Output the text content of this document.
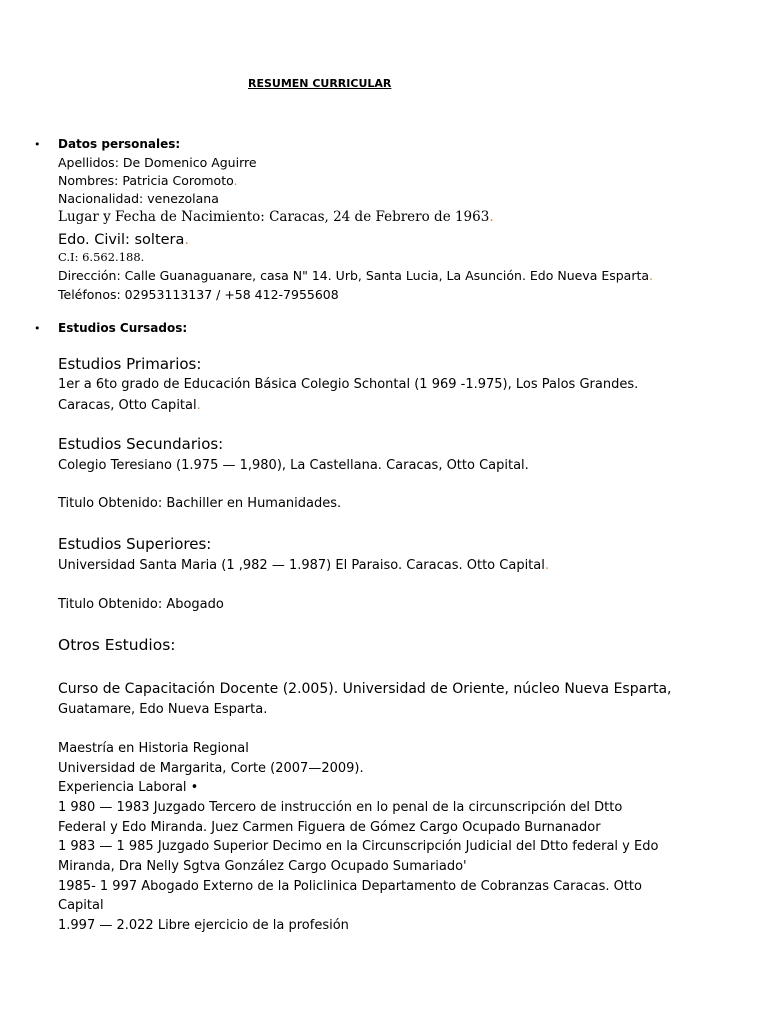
RESUMEN CURRICULAR
• Datos personales:
Apellidos: De Domenico Aguirre
Nombres: Patricia Coromoto.
Nacionalidad: venezolana
Lugar y Fecha de Nacimiento: Caracas, 24 de Febrero de 1963.
Edo. Civil: soltera.
C.I: 6.562.188.
Dirección: Calle Guanaguanare, casa N" 14. Urb, Santa Lucia, La Asunción. Edo Nueva Esparta.
Teléfonos: 02953113137 / +58 412-7955608
• Estudios Cursados:
Estudios Primarios:
1er a 6to grado de Educación Básica Colegio Schontal (1 969 -1.975), Los Palos Grandes.
Caracas, Otto Capital.
Estudios Secundarios:
Colegio Teresiano (1.975 — 1,980), La Castellana. Caracas, Otto Capital.
Titulo Obtenido: Bachiller en Humanidades.
Estudios Superiores:
Universidad Santa Maria (1 ,982 — 1.987) El Paraiso. Caracas. Otto Capital.
Titulo Obtenido: Abogado
Otros Estudios:
Curso de Capacitación Docente (2.005). Universidad de Oriente, núcleo Nueva Esparta,
Guatamare, Edo Nueva Esparta.
Maestría en Historia Regional
Universidad de Margarita, Corte (2007—2009).
Experiencia Laboral •
1 980 — 1983 Juzgado Tercero de instrucción en lo penal de la circunscripción del Dtto
Federal y Edo Miranda. Juez Carmen Figuera de Gómez Cargo Ocupado Burnanador
1 983 — 1 985 Juzgado Superior Decimo en la Circunscripción Judicial del Dtto federal y Edo
Miranda, Dra Nelly Sgtva González Cargo Ocupado Sumariado'
1985- 1 997 Abogado Externo de la Policlinica Departamento de Cobranzas Caracas. Otto
Capital
1.997 — 2.022 Libre ejercicio de la profesión
